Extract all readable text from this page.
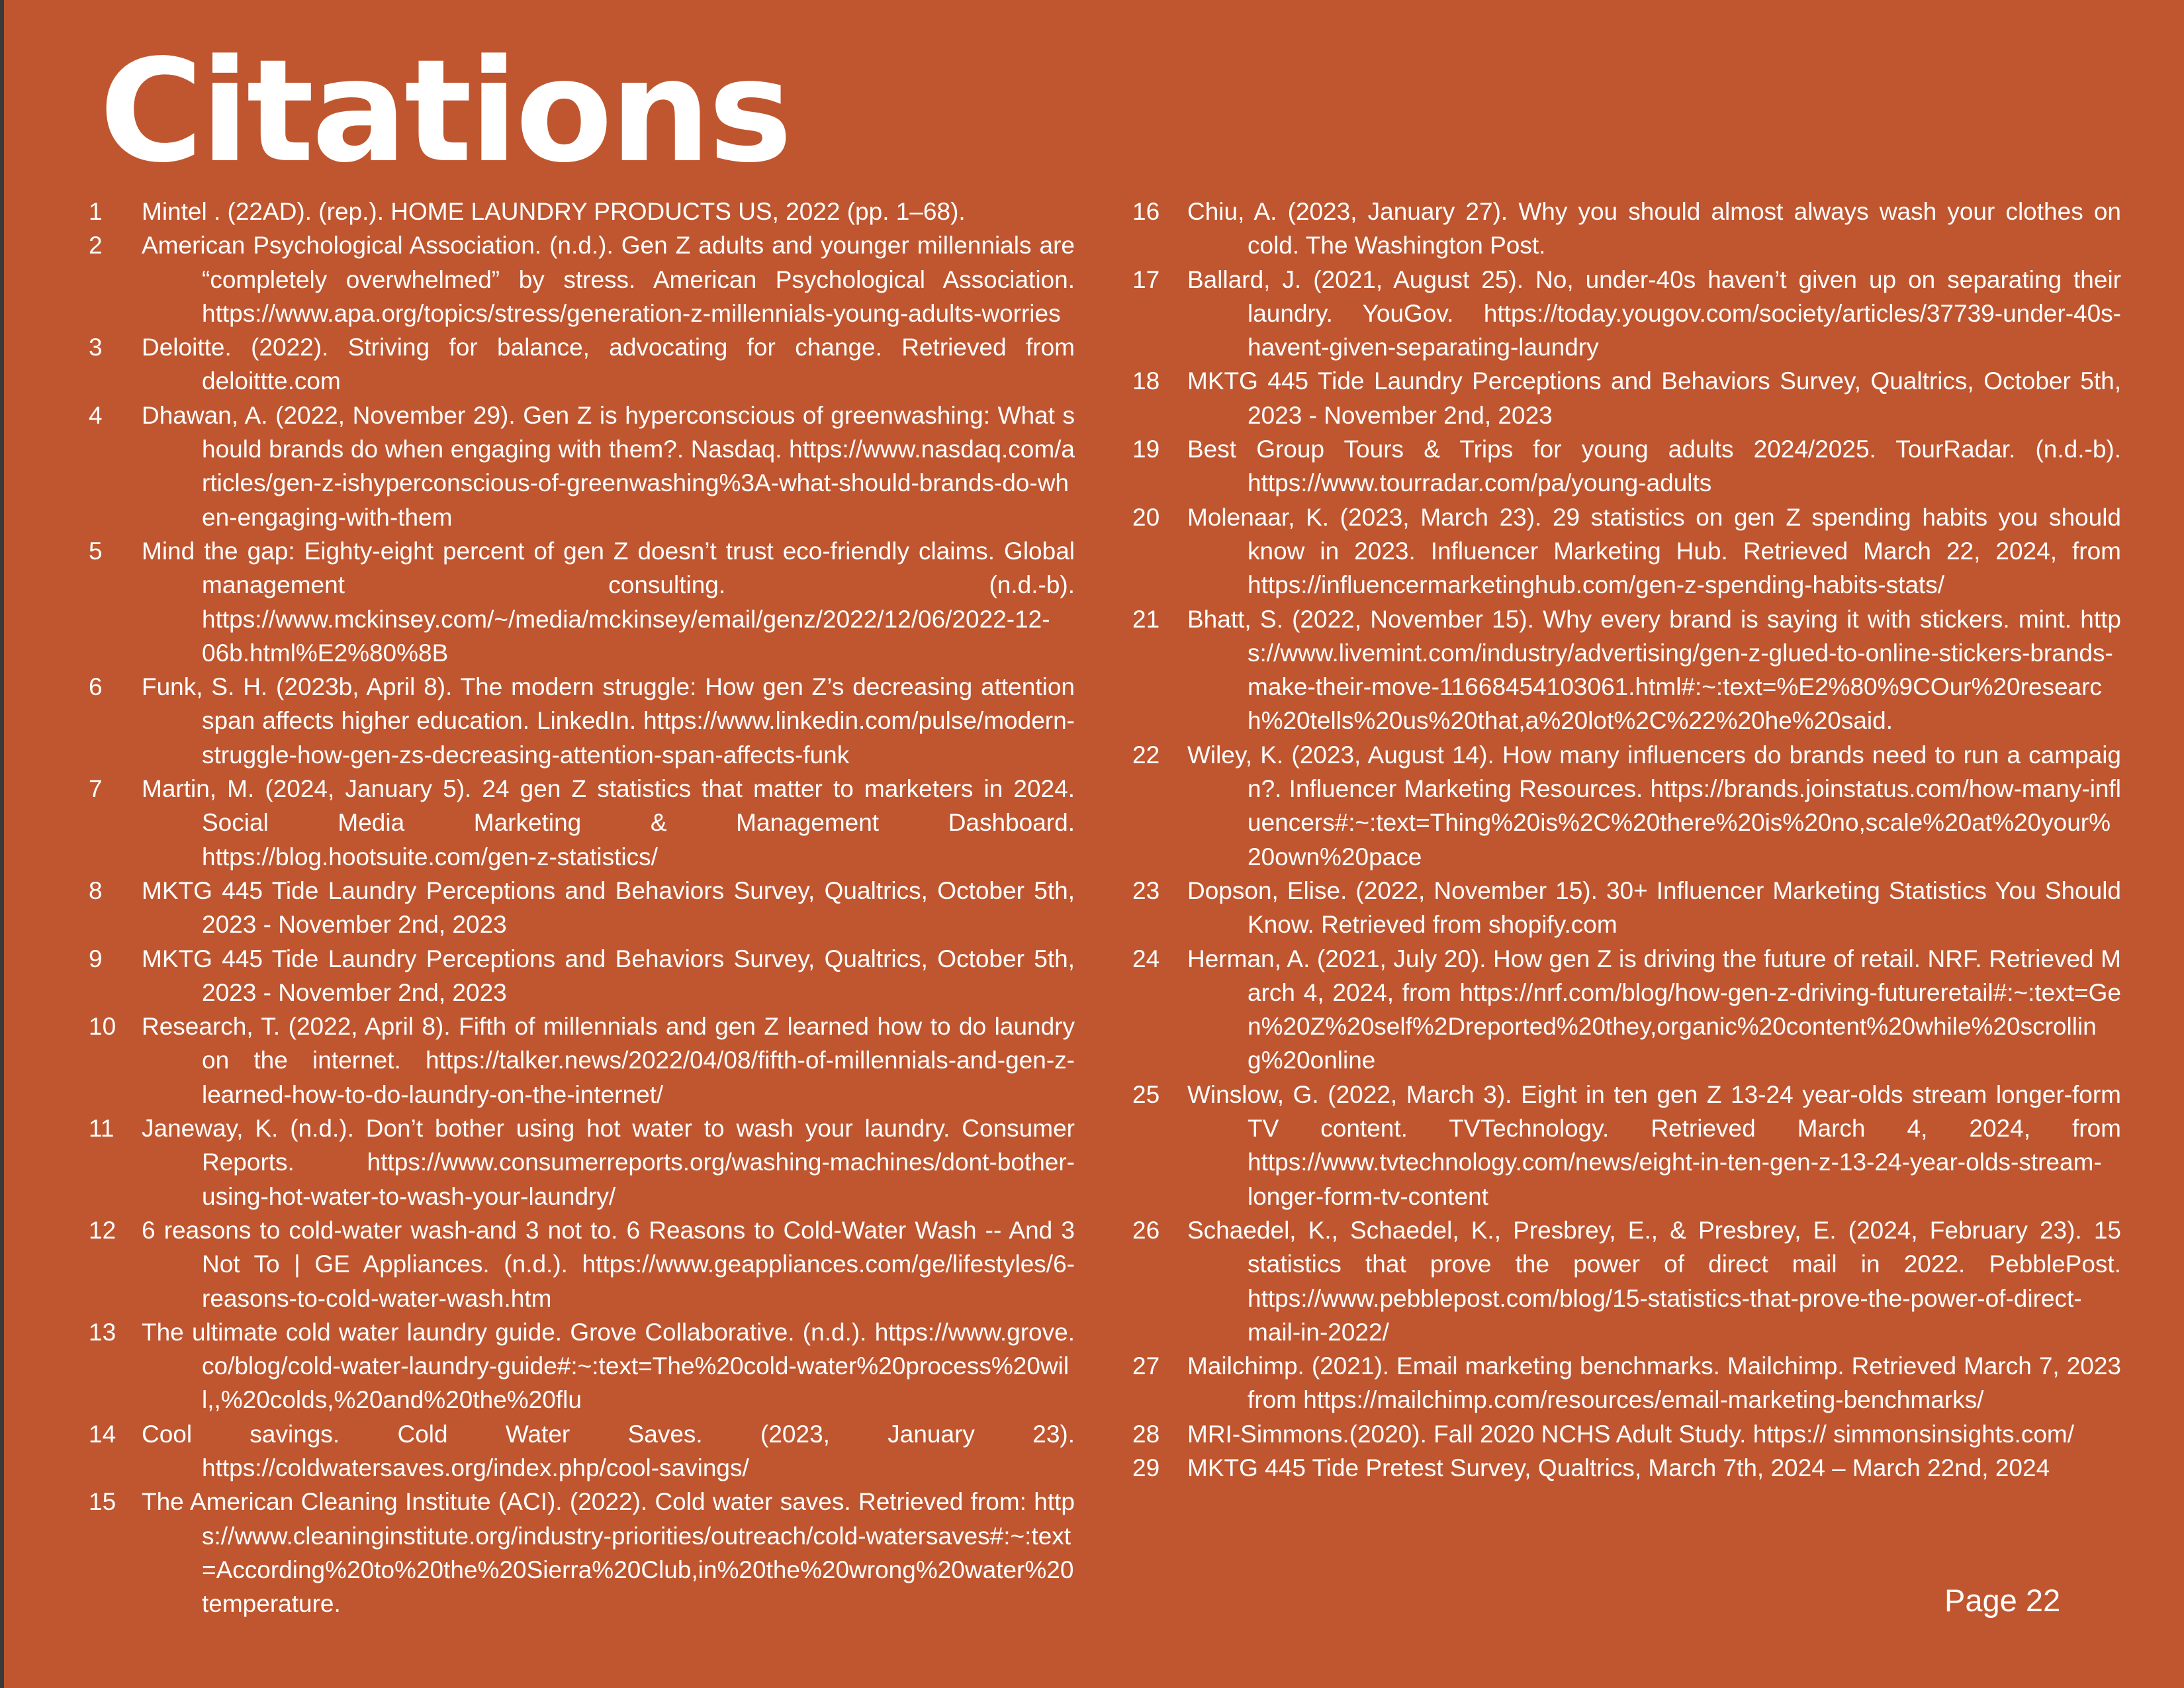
Citations
1 Mintel . (22AD). (rep.). HOME LAUNDRY PRODUCTS US, 2022 (pp. 1–68).
2 American Psychological Association. (n.d.). Gen Z adults and younger millennials are “completely overwhelmed” by stress. American Psychological Association. https://www.apa.org/topics/stress/generation-z-millennials-young-adults-worries
3 Deloitte. (2022). Striving for balance, advocating for change. Retrieved from deloittte.com
4 Dhawan, A. (2022, November 29). Gen Z is hyperconscious of greenwashing: What should brands do when engaging with them?. Nasdaq. https://www.nasdaq.com/articles/gen-z-ishyperconscious-of-greenwashing%3A-what-should-brands-do-when-engaging-with-them
5 Mind the gap: Eighty-eight percent of gen Z doesn’t trust eco-friendly claims. Global management consulting. (n.d.-b). https://www.mckinsey.com/~/media/mckinsey/email/genz/2022/12/06/2022-12-06b.html%E2%80%8B
6 Funk, S. H. (2023b, April 8). The modern struggle: How gen Z’s decreasing attention span affects higher education. LinkedIn. https://www.linkedin.com/pulse/modern-struggle-how-gen-zs-decreasing-attention-span-affects-funk
7 Martin, M. (2024, January 5). 24 gen Z statistics that matter to marketers in 2024. Social Media Marketing & Management Dashboard. https://blog.hootsuite.com/gen-z-statistics/
8 MKTG 445 Tide Laundry Perceptions and Behaviors Survey, Qualtrics, October 5th, 2023 - November 2nd, 2023
9 MKTG 445 Tide Laundry Perceptions and Behaviors Survey, Qualtrics, October 5th, 2023 - November 2nd, 2023
10 Research, T. (2022, April 8). Fifth of millennials and gen Z learned how to do laundry on the internet. https://talker.news/2022/04/08/fifth-of-millennials-and-gen-z-learned-how-to-do-laundry-on-the-internet/
11 Janeway, K. (n.d.). Don’t bother using hot water to wash your laundry. Consumer Reports. https://www.consumerreports.org/washing-machines/dont-bother-using-hot-water-to-wash-your-laundry/
12 6 reasons to cold-water wash-and 3 not to. 6 Reasons to Cold-Water Wash -- And 3 Not To | GE Appliances. (n.d.). https://www.geappliances.com/ge/lifestyles/6-reasons-to-cold-water-wash.htm
13 The ultimate cold water laundry guide. Grove Collaborative. (n.d.). https://www.grove.co/blog/cold-water-laundry-guide#:~:text=The%20cold-water%20process%20will,,%20colds,%20and%20the%20flu
14 Cool savings. Cold Water Saves. (2023, January 23). https://coldwatersaves.org/index.php/cool-savings/
15 The American Cleaning Institute (ACI). (2022). Cold water saves. Retrieved from: https://www.cleaninginstitute.org/industry-priorities/outreach/cold-watersaves#:~:text=According%20to%20the%20Sierra%20Club,in%20the%20wrong%20water%20temperature.
16 Chiu, A. (2023, January 27). Why you should almost always wash your clothes on cold. The Washington Post.
17 Ballard, J. (2021, August 25). No, under-40s haven’t given up on separating their laundry. YouGov. https://today.yougov.com/society/articles/37739-under-40s-havent-given-separating-laundry
18 MKTG 445 Tide Laundry Perceptions and Behaviors Survey, Qualtrics, October 5th, 2023 - November 2nd, 2023
19 Best Group Tours & Trips for young adults 2024/2025. TourRadar. (n.d.-b). https://www.tourradar.com/pa/young-adults
20 Molenaar, K. (2023, March 23). 29 statistics on gen Z spending habits you should know in 2023. Influencer Marketing Hub. Retrieved March 22, 2024, from https://influencermarketinghub.com/gen-z-spending-habits-stats/
21 Bhatt, S. (2022, November 15). Why every brand is saying it with stickers. mint. https://www.livemint.com/industry/advertising/gen-z-glued-to-online-stickers-brands-make-their-move-11668454103061.html#:~:text=%E2%80%9COur%20research%20tells%20us%20that,a%20lot%2C%22%20he%20said.
22 Wiley, K. (2023, August 14). How many influencers do brands need to run a campaign?. Influencer Marketing Resources. https://brands.joinstatus.com/how-many-influencers#:~:text=Thing%20is%2C%20there%20is%20no,scale%20at%20your%20own%20pace
23 Dopson, Elise. (2022, November 15). 30+ Influencer Marketing Statistics You Should Know. Retrieved from shopify.com
24 Herman, A. (2021, July 20). How gen Z is driving the future of retail. NRF. Retrieved March 4, 2024, from https://nrf.com/blog/how-gen-z-driving-futureretail#:~:text=Gen%20Z%20self%2Dreported%20they,organic%20content%20while%20scrolling%20online
25 Winslow, G. (2022, March 3). Eight in ten gen Z 13-24 year-olds stream longer-form TV content. TVTechnology. Retrieved March 4, 2024, from https://www.tvtechnology.com/news/eight-in-ten-gen-z-13-24-year-olds-stream-longer-form-tv-content
26 Schaedel, K., Schaedel, K., Presbrey, E., & Presbrey, E. (2024, February 23). 15 statistics that prove the power of direct mail in 2022. PebblePost. https://www.pebblepost.com/blog/15-statistics-that-prove-the-power-of-direct-mail-in-2022/
27 Mailchimp. (2021). Email marketing benchmarks. Mailchimp. Retrieved March 7, 2023 from https://mailchimp.com/resources/email-marketing-benchmarks/
28 MRI-Simmons.(2020). Fall 2020 NCHS Adult Study. https:// simmonsinsights.com/
29 MKTG 445 Tide Pretest Survey, Qualtrics, March 7th, 2024 – March 22nd, 2024
Page 22
